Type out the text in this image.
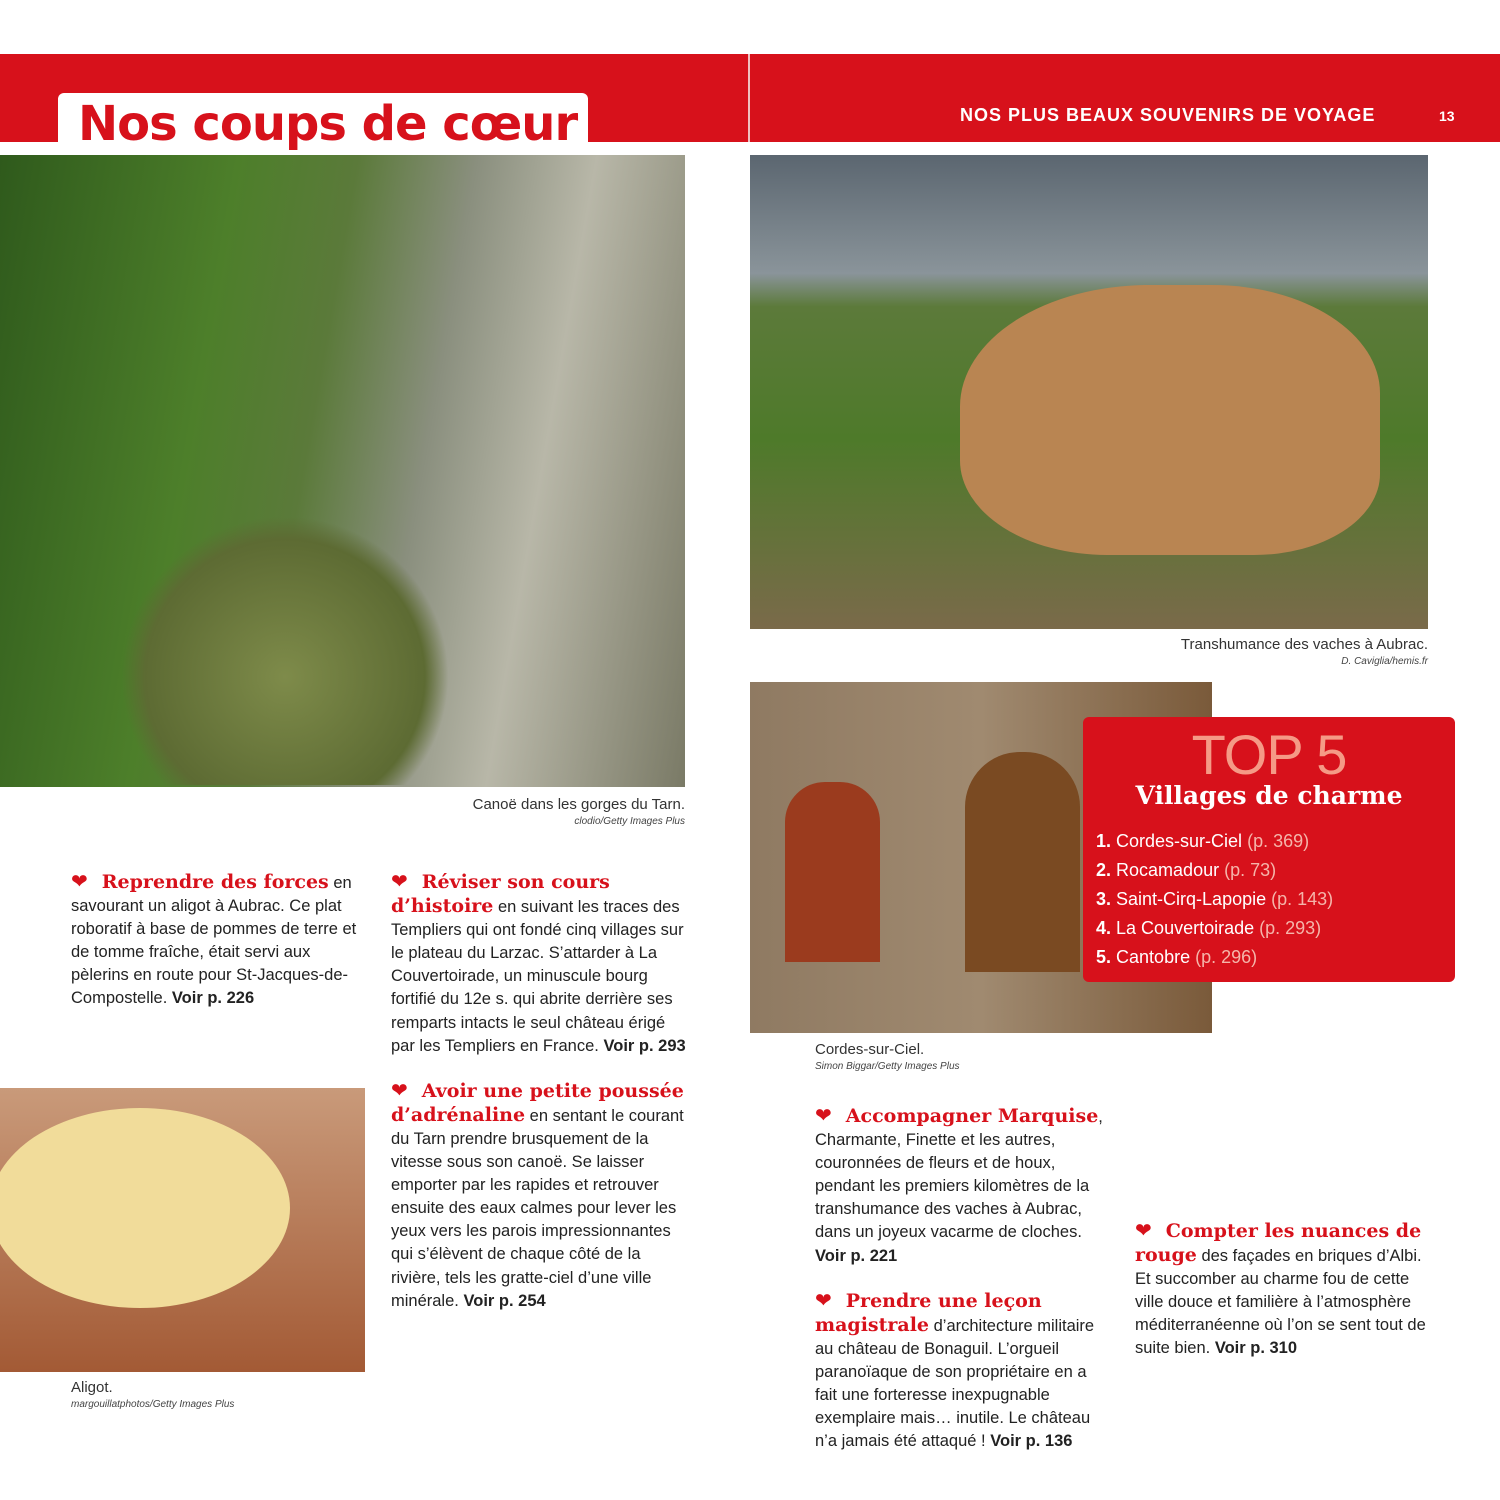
Nos coups de cœur	NOS PLUS BEAUX SOUVENIRS DE VOYAGE	13
Canoë dans les gorges du Tarn.
clodio/Getty Images Plus
Transhumance des vaches à Aubrac.
D. Caviglia/hemis.fr
Cordes-sur-Ciel.
Simon Biggar/Getty Images Plus
Aligot.
margouillatphotos/Getty Images Plus
TOP 5
Villages de charme
1. Cordes-sur-Ciel (p. 369)
2. Rocamadour (p. 73)
3. Saint-Cirq-Lapopie (p. 143)
4. La Couvertoirade (p. 293)
5. Cantobre (p. 296)

❤ Reprendre des forces en savourant un aligot à Aubrac. Ce plat roboratif à base de pommes de terre et de tomme fraîche, était servi aux pèlerins en route pour St-Jacques-de-Compostelle. Voir p. 226

❤ Réviser son cours d’histoire en suivant les traces des Templiers qui ont fondé cinq villages sur le plateau du Larzac. S’attarder à La Couvertoirade, un minuscule bourg fortifié du 12e s. qui abrite derrière ses remparts intacts le seul château érigé par les Templiers en France. Voir p. 293

❤ Avoir une petite poussée d’adrénaline en sentant le courant du Tarn prendre brusquement de la vitesse sous son canoë. Se laisser emporter par les rapides et retrouver ensuite des eaux calmes pour lever les yeux vers les parois impressionnantes qui s’élèvent de chaque côté de la rivière, tels les gratte-ciel d’une ville minérale. Voir p. 254

❤ Accompagner Marquise, Charmante, Finette et les autres, couronnées de fleurs et de houx, pendant les premiers kilomètres de la transhumance des vaches à Aubrac, dans un joyeux vacarme de cloches. Voir p. 221

❤ Prendre une leçon magistrale d’architecture militaire au château de Bonaguil. L’orgueil paranoïaque de son propriétaire en a fait une forteresse inexpugnable exemplaire mais… inutile. Le château n’a jamais été attaqué ! Voir p. 136

❤ Compter les nuances de rouge des façades en briques d’Albi. Et succomber au charme fou de cette ville douce et familière à l’atmosphère méditerranéenne où l’on se sent tout de suite bien. Voir p. 310
